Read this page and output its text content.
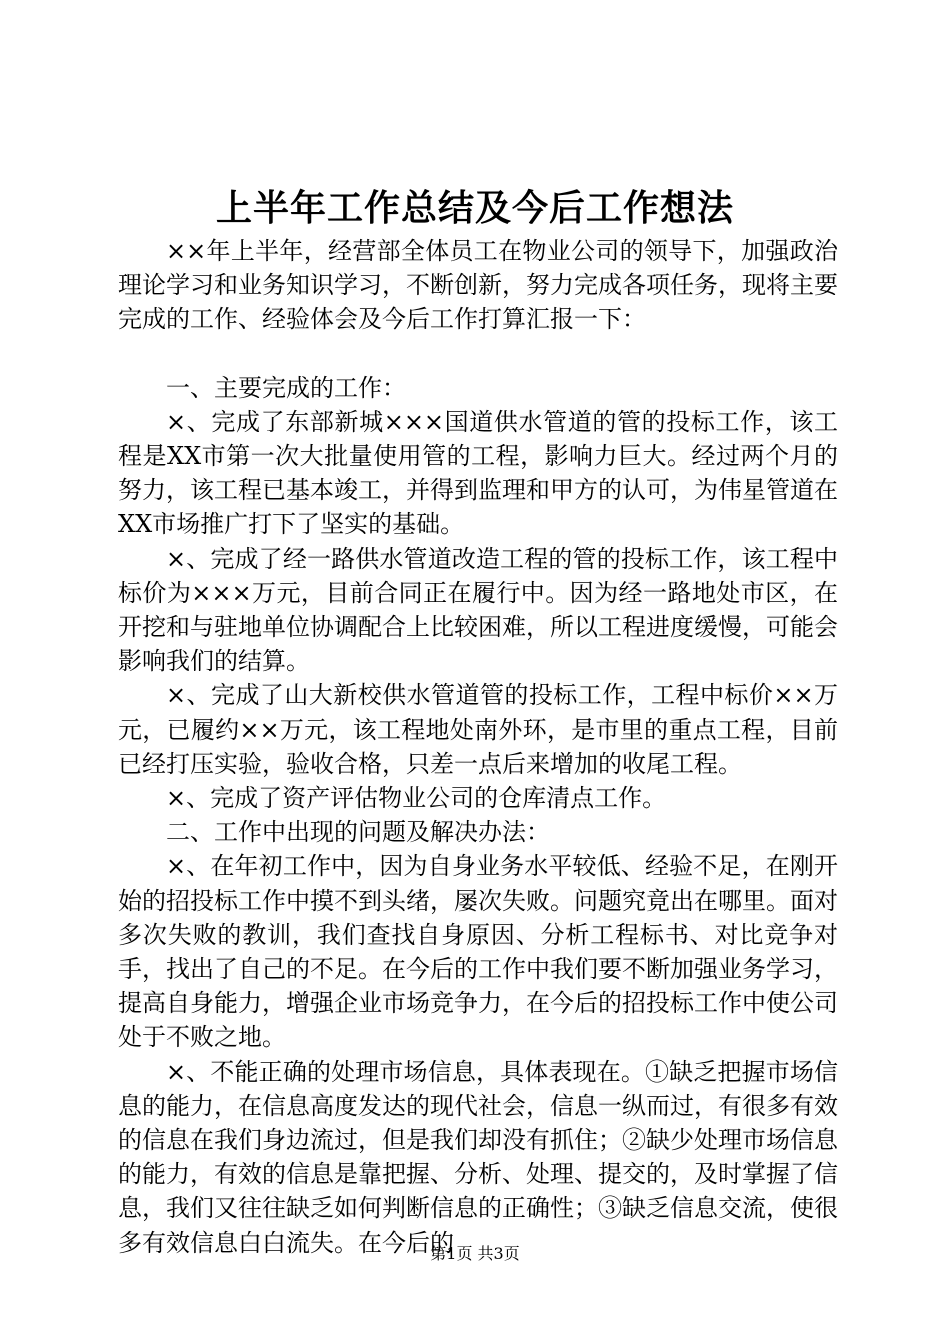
上半年工作总结及今后工作想法

××年上半年，经营部全体员工在物业公司的领导下，加强政治理论学习和业务知识学习，不断创新，努力完成各项任务，现将主要完成的工作、经验体会及今后工作打算汇报一下：

一、主要完成的工作：

×、完成了东部新城×××国道供水管道的管的投标工作，该工程是XX市第一次大批量使用管的工程，影响力巨大。经过两个月的努力，该工程已基本竣工，并得到监理和甲方的认可，为伟星管道在XX市场推广打下了坚实的基础。

×、完成了经一路供水管道改造工程的管的投标工作，该工程中标价为×××万元，目前合同正在履行中。因为经一路地处市区，在开挖和与驻地单位协调配合上比较困难，所以工程进度缓慢，可能会影响我们的结算。

×、完成了山大新校供水管道管的投标工作，工程中标价××万元，已履约××万元，该工程地处南外环，是市里的重点工程，目前已经打压实验，验收合格，只差一点后来增加的收尾工程。

×、完成了资产评估物业公司的仓库清点工作。

二、工作中出现的问题及解决办法：

×、在年初工作中，因为自身业务水平较低、经验不足，在刚开始的招投标工作中摸不到头绪，屡次失败。问题究竟出在哪里。面对多次失败的教训，我们查找自身原因、分析工程标书、对比竞争对手，找出了自己的不足。在今后的工作中我们要不断加强业务学习，提高自身能力，增强企业市场竞争力，在今后的招投标工作中使公司处于不败之地。

×、不能正确的处理市场信息，具体表现在。①缺乏把握市场信息的能力，在信息高度发达的现代社会，信息一纵而过，有很多有效的信息在我们身边流过，但是我们却没有抓住；②缺少处理市场信息的能力，有效的信息是靠把握、分析、处理、提交的，及时掌握了信息，我们又往往缺乏如何判断信息的正确性；③缺乏信息交流，使很多有效信息白白流失。在今后的

第1页 共3页
